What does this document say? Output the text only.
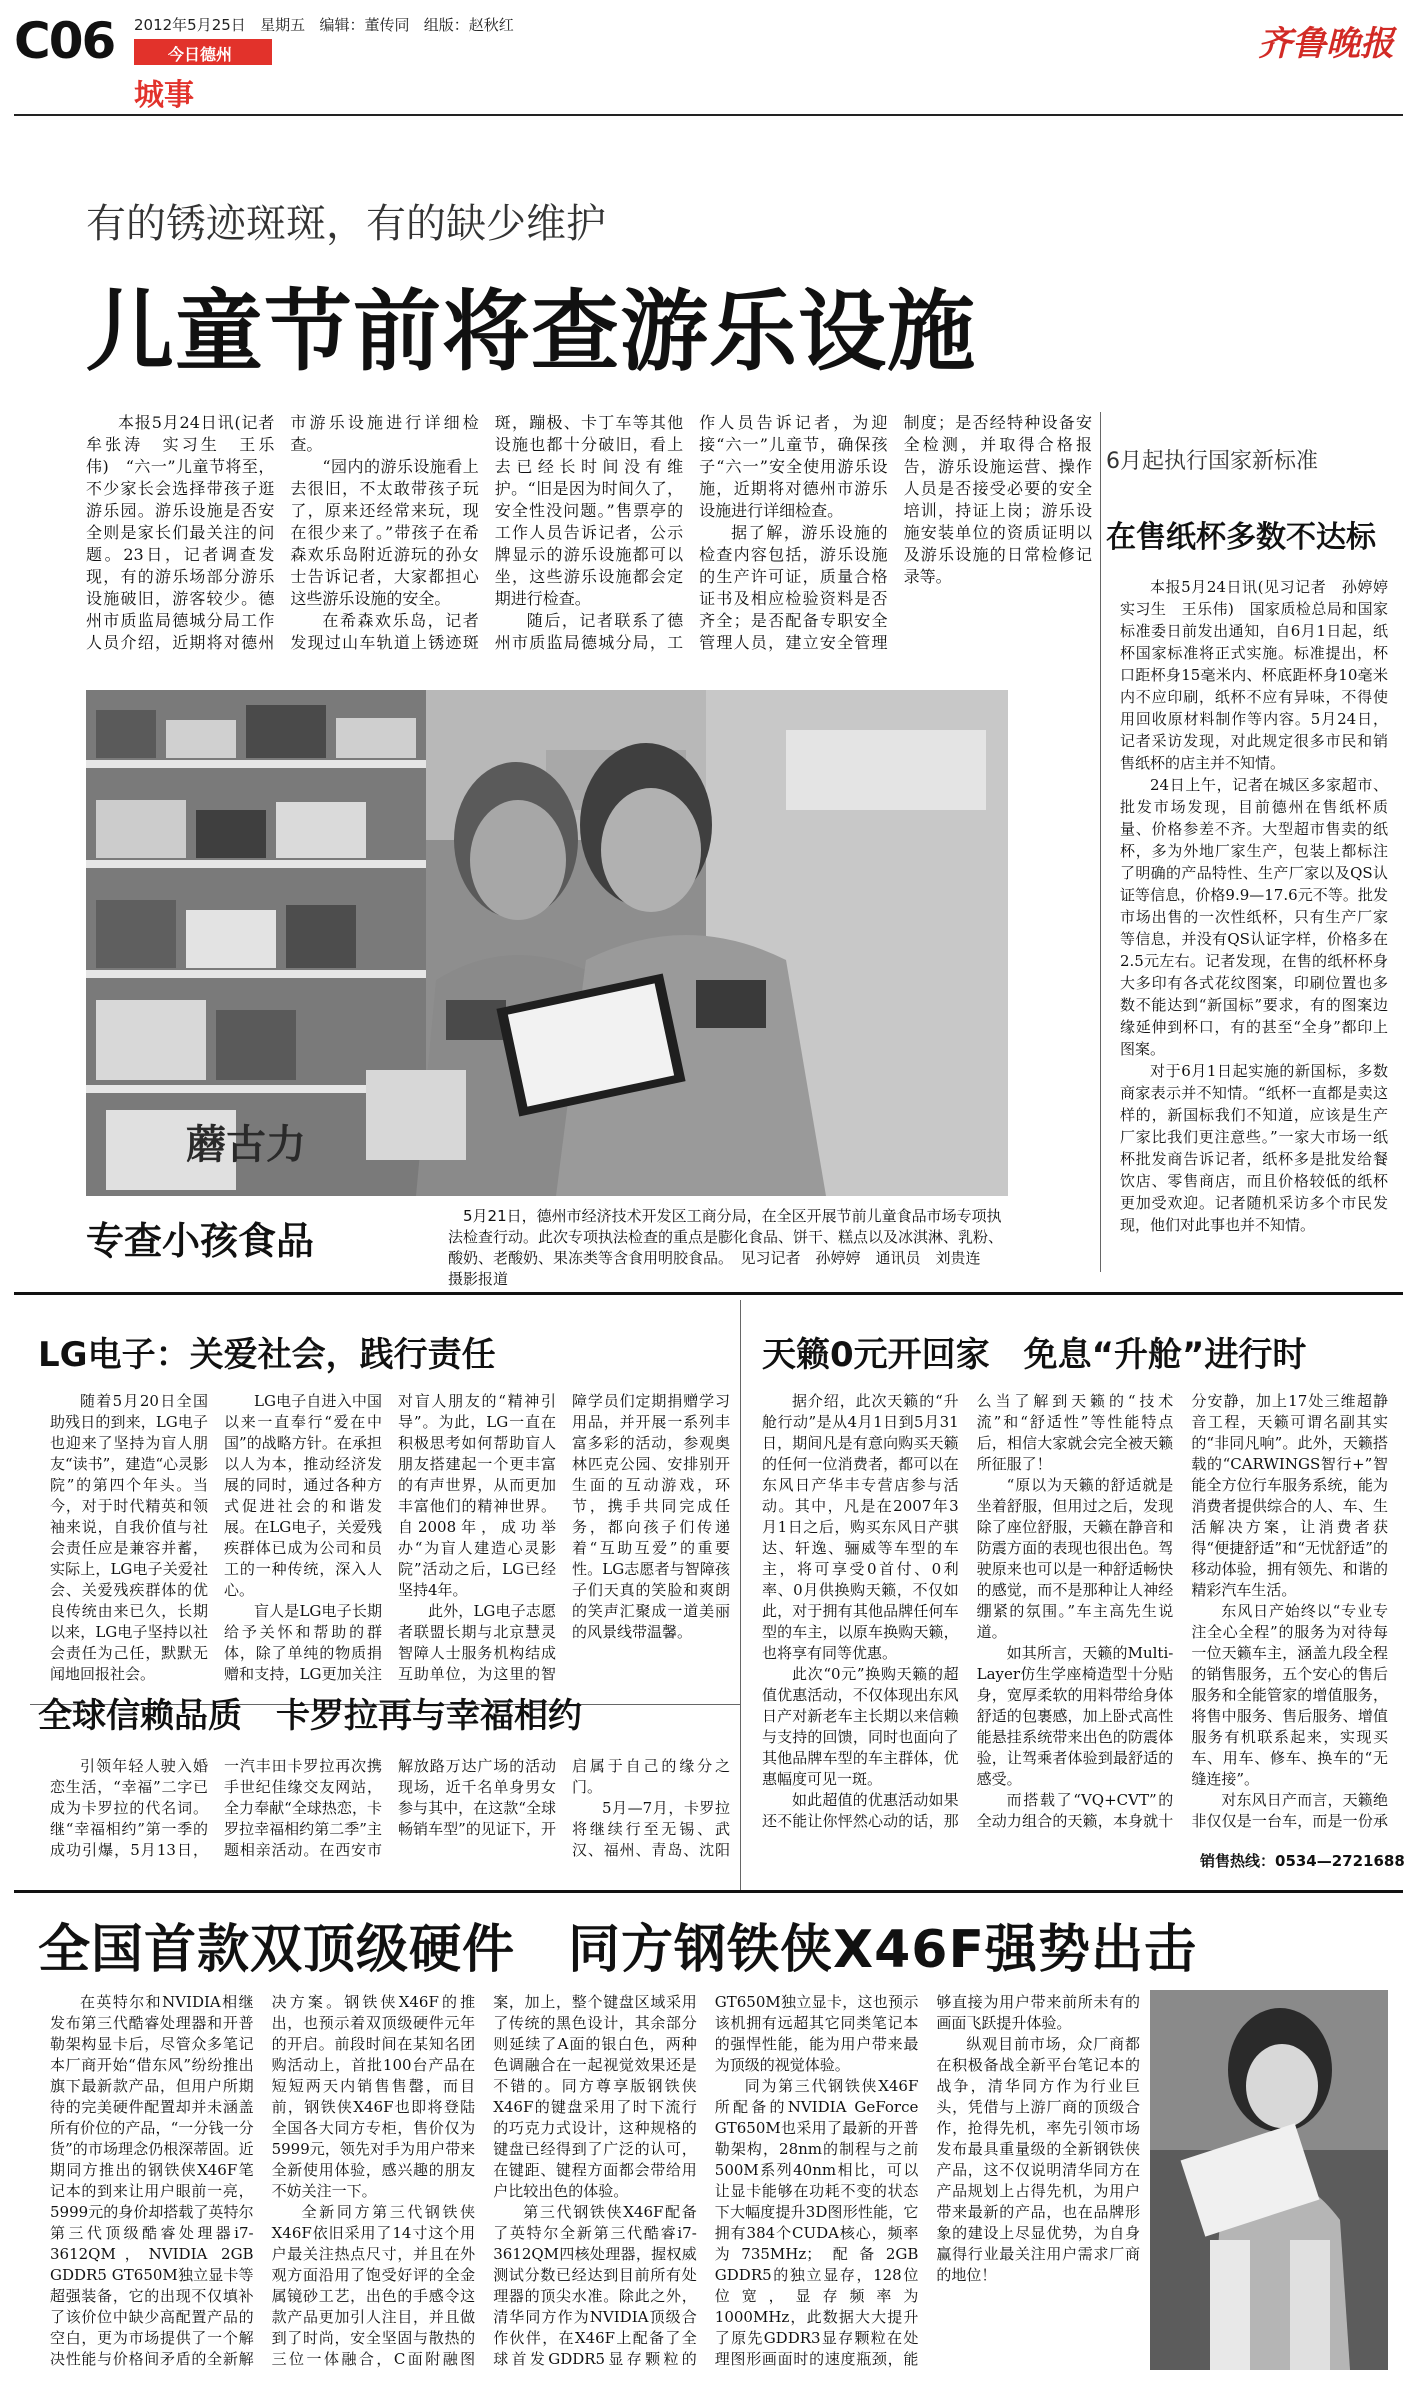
C06 2012年5月25日 星期五 编辑：董传同 组版：赵秋红
今日德州
城事
齐鲁晚报
有的锈迹斑斑，有的缺少维护
儿童节前将查游乐设施

本报5月24日讯(记者　牟张涛　实习生　王乐伟)　“六一”儿童节将至，不少家长会选择带孩子逛游乐园。游乐设施是否安全则是家长们最关注的问题。23日，记者调查发现，有的游乐场部分游乐设施破旧，游客较少。德州市质监局德城分局工作人员介绍，近期将对德州市游乐设施进行详细检查。

“园内的游乐设施看上去很旧，不太敢带孩子玩了，原来还经常来玩，现在很少来了。”带孩子在希森欢乐岛附近游玩的孙女士告诉记者，大家都担心这些游乐设施的安全。

在希森欢乐岛，记者发现过山车轨道上锈迹斑斑，蹦极、卡丁车等其他设施也都十分破旧，看上去已经长时间没有维护。“旧是因为时间久了，安全性没问题。”售票亭的工作人员告诉记者，公示牌显示的游乐设施都可以坐，这些游乐设施都会定期进行检查。

随后，记者联系了德州市质监局德城分局，工作人员告诉记者，为迎接“六一”儿童节，确保孩子“六一”安全使用游乐设施，近期将对德州市游乐设施进行详细检查。

据了解，游乐设施的检查内容包括，游乐设施的生产许可证，质量合格证书及相应检验资料是否齐全；是否配备专职安全管理人员，建立安全管理制度；是否经特种设备安全检测，并取得合格报告，游乐设施运营、操作人员是否接受必要的安全培训，持证上岗；游乐设施安装单位的资质证明以及游乐设施的日常检修记录等。

蘑古力
专查小孩食品
5月21日，德州市经济技术开发区工商分局，在全区开展节前儿童食品市场专项执法检查行动。此次专项执法检查的重点是膨化食品、饼干、糕点以及冰淇淋、乳粉、酸奶、老酸奶、果冻类等含食用明胶食品。　见习记者　孙婷婷　通讯员　刘贵连　摄影报道
6月起执行国家新标准
在售纸杯多数不达标

本报5月24日讯(见习记者　孙婷婷　实习生　王乐伟)　国家质检总局和国家标准委日前发出通知，自6月1日起，纸杯国家标准将正式实施。标准提出，杯口距杯身15毫米内、杯底距杯身10毫米内不应印刷，纸杯不应有异味，不得使用回收原材料制作等内容。5月24日，记者采访发现，对此规定很多市民和销售纸杯的店主并不知情。

24日上午，记者在城区多家超市、批发市场发现，目前德州在售纸杯质量、价格参差不齐。大型超市售卖的纸杯，多为外地厂家生产，包装上都标注了明确的产品特性、生产厂家以及QS认证等信息，价格9.9—17.6元不等。批发市场出售的一次性纸杯，只有生产厂家等信息，并没有QS认证字样，价格多在2.5元左右。记者发现，在售的纸杯杯身大多印有各式花纹图案，印刷位置也多数不能达到“新国标”要求，有的图案边缘延伸到杯口，有的甚至“全身”都印上图案。

对于6月1日起实施的新国标，多数商家表示并不知情。“纸杯一直都是卖这样的，新国标我们不知道，应该是生产厂家比我们更注意些。”一家大市场一纸杯批发商告诉记者，纸杯多是批发给餐饮店、零售商店，而且价格较低的纸杯更加受欢迎。记者随机采访多个市民发现，他们对此事也并不知情。

LG电子：关爱社会，践行责任

随着5月20日全国助残日的到来，LG电子也迎来了坚持为盲人朋友“读书”，建造“心灵影院”的第四个年头。当今，对于时代精英和领袖来说，自我价值与社会责任应是兼容并蓄，实际上，LG电子关爱社会、关爱残疾群体的优良传统由来已久，长期以来，LG电子坚持以社会责任为己任，默默无闻地回报社会。

LG电子自进入中国以来一直奉行“爱在中国”的战略方针。在承担以人为本，推动经济发展的同时，通过各种方式促进社会的和谐发展。在LG电子，关爱残疾群体已成为公司和员工的一种传统，深入人心。

盲人是LG电子长期给予关怀和帮助的群体，除了单纯的物质捐赠和支持，LG更加关注对盲人朋友的“精神引导”。为此，LG一直在积极思考如何帮助盲人朋友搭建起一个更丰富的有声世界，从而更加丰富他们的精神世界。自2008年，成功举办“为盲人建造心灵影院”活动之后，LG已经坚持4年。

此外，LG电子志愿者联盟长期与北京慧灵智障人士服务机构结成互助单位，为这里的智障学员们定期捐赠学习用品，并开展一系列丰富多彩的活动，参观奥林匹克公园、安排别开生面的互动游戏，环节，携手共同完成任务，都向孩子们传递着“互助互爱”的重要性。LG志愿者与智障孩子们天真的笑脸和爽朗的笑声汇聚成一道美丽的风景线带温馨。

全球信赖品质　卡罗拉再与幸福相约

引领年轻人驶入婚恋生活，“幸福”二字已成为卡罗拉的代名词。继“幸福相约”第一季的成功引爆，5月13日，一汽丰田卡罗拉再次携手世纪佳缘交友网站，全力奉献“全球热恋，卡罗拉幸福相约第二季”主题相亲活动。在西安市解放路万达广场的活动现场，近千名单身男女参与其中，在这款“全球畅销车型”的见证下，开启属于自己的缘分之门。

5月—7月，卡罗拉将继续行至无锡、武汉、福州、青岛、沈阳

天籁0元开回家　免息“升舱”进行时

据介绍，此次天籁的“升舱行动”是从4月1日到5月31日，期间凡是有意向购买天籁的任何一位消费者，都可以在东风日产华丰专营店参与活动。其中，凡是在2007年3月1日之后，购买东风日产骐达、轩逸、骊威等车型的车主，将可享受0首付、0利率、0月供换购天籁，不仅如此，对于拥有其他品牌任何车型的车主，以原车换购天籁，也将享有同等优惠。

此次“0元”换购天籁的超值优惠活动，不仅体现出东风日产对新老车主长期以来信赖与支持的回馈，同时也面向了其他品牌车型的车主群体，优惠幅度可见一斑。

如此超值的优惠活动如果还不能让你怦然心动的话，那么当了解到天籁的“技术流”和“舒适性”等性能特点后，相信大家就会完全被天籁所征服了！

“原以为天籁的舒适就是坐着舒服，但用过之后，发现除了座位舒服，天籁在静音和防震方面的表现也很出色。驾驶原来也可以是一种舒适畅快的感觉，而不是那种让人神经绷紧的氛围。”车主高先生说道。

如其所言，天籁的Multi-Layer仿生学座椅造型十分贴身，宽厚柔软的用料带给身体舒适的包裹感，加上卧式高性能悬挂系统带来出色的防震体验，让驾乘者体验到最舒适的感受。

而搭载了“VQ+CVT”的全动力组合的天籁，本身就十分安静，加上17处三维超静音工程，天籁可谓名副其实的“非同凡响”。此外，天籁搭载的“CARWINGS智行+”智能全方位行车服务系统，能为消费者提供综合的人、车、生活解决方案，让消费者获得“便捷舒适”和“无忧舒适”的移动体验，拥有领先、和谐的精彩汽车生活。

东风日产始终以“专业专注全心全程”的服务为对待每一位天籁车主，涵盖九段全程的销售服务，五个安心的售后服务和全能管家的增值服务，将售中服务、售后服务、增值服务有机联系起来，实现买车、用车、修车、换车的“无缝连接”。

对东风日产而言，天籁绝非仅仅是一台车，而是一份承

销售热线：0534—2721688
全国首款双顶级硬件　同方钢铁侠X46F强势出击

在英特尔和NVIDIA相继发布第三代酷睿处理器和开普勒架构显卡后，尽管众多笔记本厂商开始“借东风”纷纷推出旗下最新款产品，但用户所期待的完美硬件配置却并未涵盖所有价位的产品，“一分钱一分货”的市场理念仍根深蒂固。近期同方推出的钢铁侠X46F笔记本的到来让用户眼前一亮，5999元的身价却搭载了英特尔第三代顶级酷睿处理器i7-3612QM，NVIDIA 2GB GDDR5 GT650M独立显卡等超强装备，它的出现不仅填补了该价位中缺少高配置产品的空白，更为市场提供了一个解决性能与价格间矛盾的全新解决方案。钢铁侠X46F的推出，也预示着双顶级硬件元年的开启。前段时间在某知名团购活动上，首批100台产品在短短两天内销售售罄，而目前，钢铁侠X46F也即将登陆全国各大同方专柜，售价仅为5999元，领先对手为用户带来全新使用体验，感兴趣的朋友不妨关注一下。

全新同方第三代钢铁侠X46F依旧采用了14寸这个用户最关注热点尺寸，并且在外观方面沿用了饱受好评的全金属镜砂工艺，出色的手感令这款产品更加引人注目，并且做到了时尚，安全坚固与散热的三位一体融合，C面附融图案，加上，整个键盘区域采用了传统的黑色设计，其余部分则延续了A面的银白色，两种色调融合在一起视觉效果还是不错的。同方尊享版钢铁侠X46F的键盘采用了时下流行的巧克力式设计，这种规格的键盘已经得到了广泛的认可，在键距、键程方面都会带给用户比较出色的体验。

第三代钢铁侠X46F配备了英特尔全新第三代酷睿i7-3612QM四核处理器，握权威测试分数已经达到目前所有处理器的顶尖水准。除此之外，清华同方作为NVIDIA顶级合作伙伴，在X46F上配备了全球首发GDDR5显存颗粒的GT650M独立显卡，这也预示该机拥有远超其它同类笔记本的强悍性能，能为用户带来最为顶级的视觉体验。

同为第三代钢铁侠X46F所配备的NVIDIA GeForce GT650M也采用了最新的开普勒架构，28nm的制程与之前500M系列40nm相比，可以让显卡能够在功耗不变的状态下大幅度提升3D图形性能，它拥有384个CUDA核心，频率为735MHz；配备2GB GDDR5的独立显存，128位位宽，显存频率为1000MHz，此数据大大提升了原先GDDR3显存颗粒在处理图形画面时的速度瓶颈，能够直接为用户带来前所未有的画面飞跃提升体验。

纵观目前市场，众厂商都在积极备战全新平台笔记本的战争，清华同方作为行业巨头，凭借与上游厂商的顶级合作，抢得先机，率先引领市场发布最具重量级的全新钢铁侠产品，这不仅说明清华同方在产品规划上占得先机，为用户带来最新的产品，也在品牌形象的建设上尽显优势，为自身赢得行业最关注用户需求厂商的地位！
